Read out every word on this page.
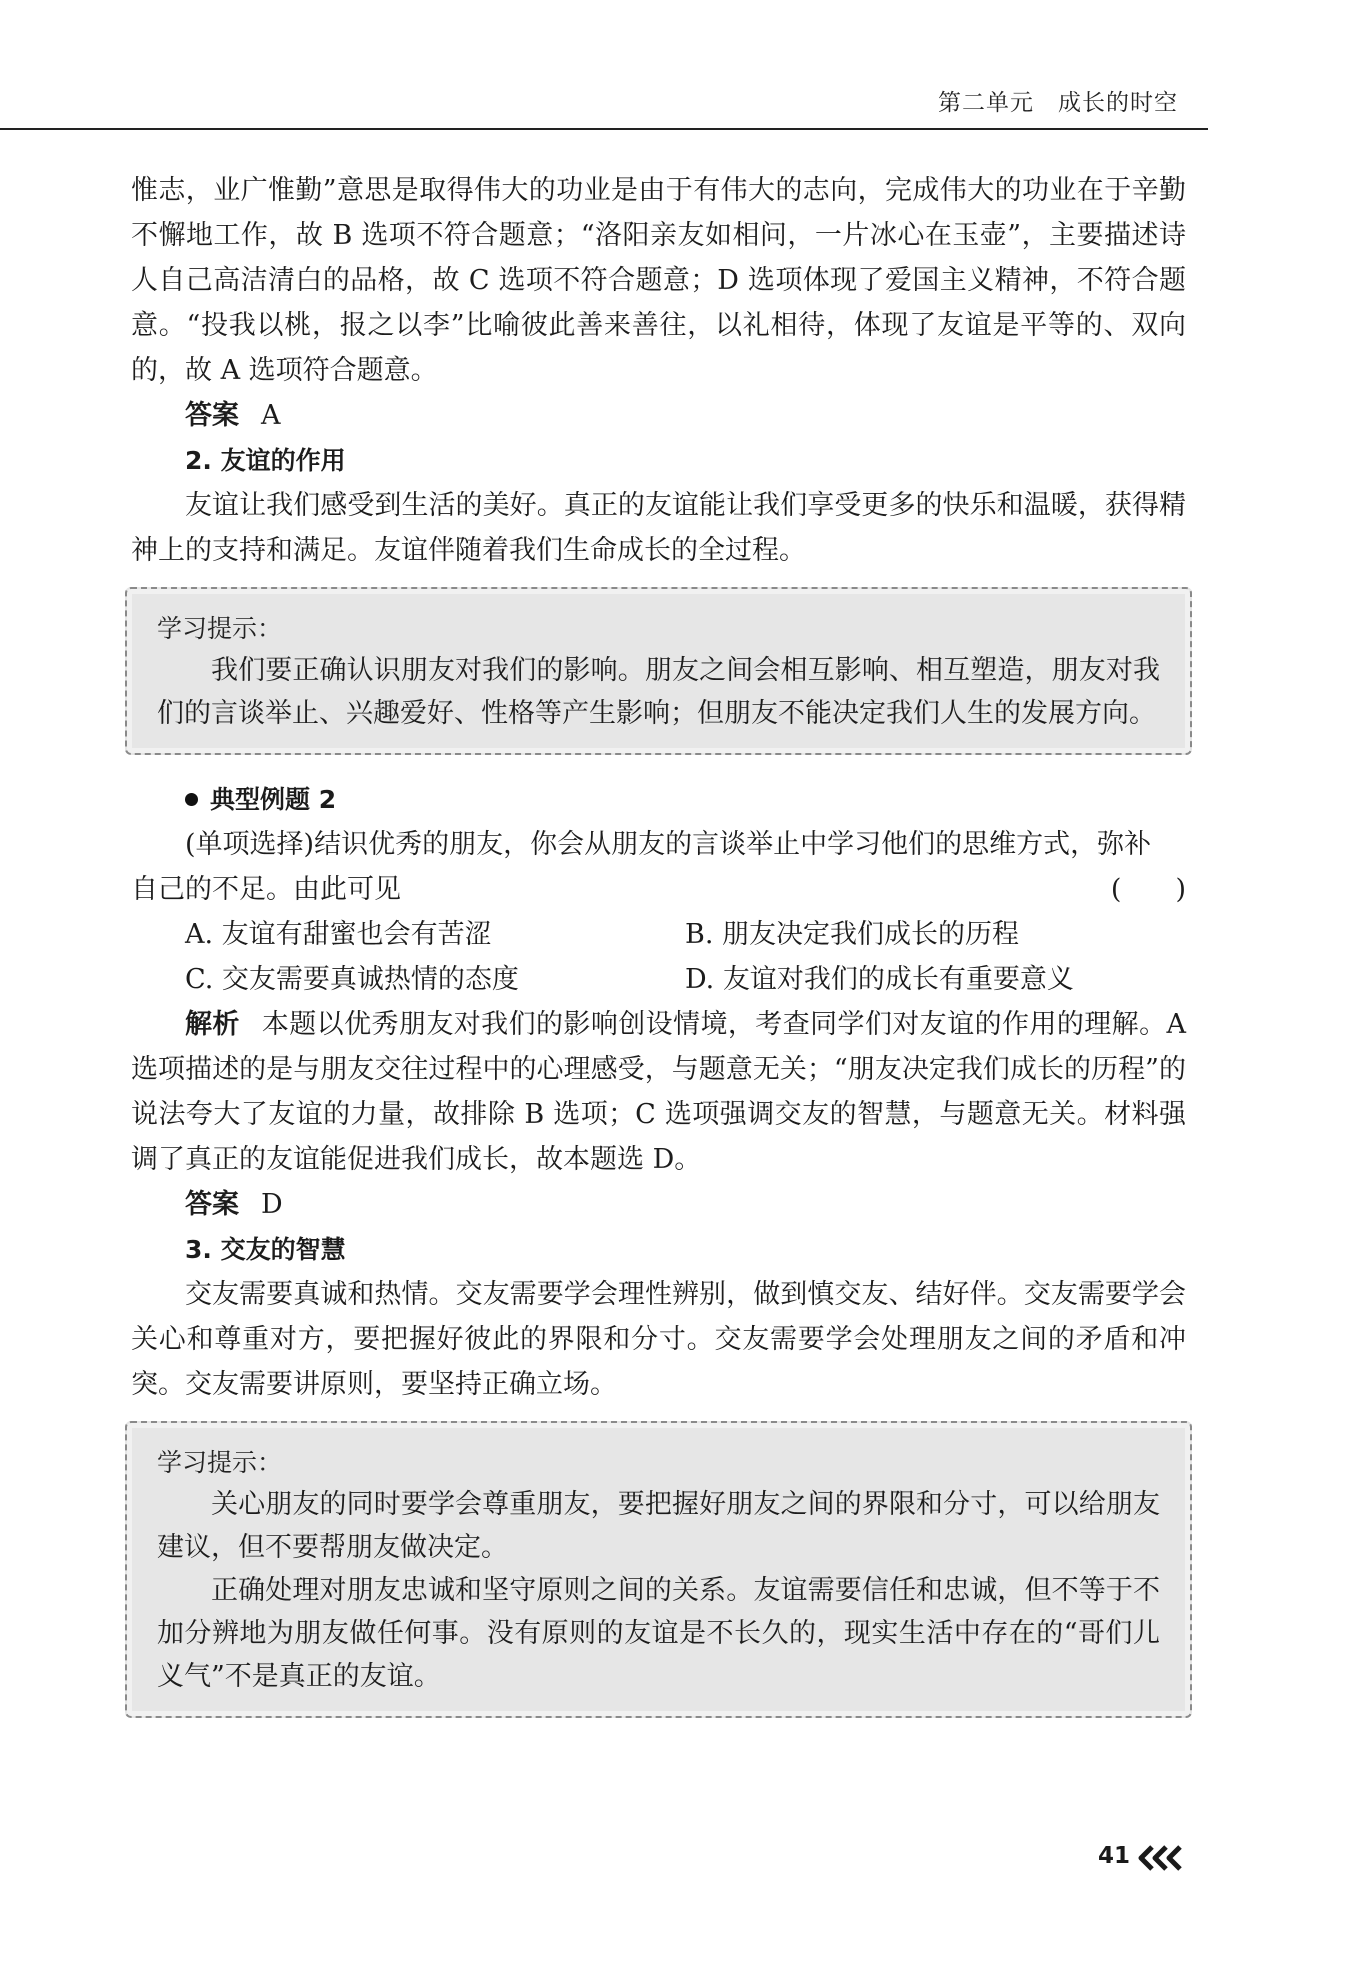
第二单元　成长的时空

惟志，业广惟勤”意思是取得伟大的功业是由于有伟大的志向，完成伟大的功业在于辛勤不懈地工作，故 B 选项不符合题意；“洛阳亲友如相问，一片冰心在玉壶”，主要描述诗人自己高洁清白的品格，故 C 选项不符合题意；D 选项体现了爱国主义精神，不符合题意。“投我以桃，报之以李”比喻彼此善来善往，以礼相待，体现了友谊是平等的、双向的，故 A 选项符合题意。

答案 A
2. 友谊的作用

友谊让我们感受到生活的美好。真正的友谊能让我们享受更多的快乐和温暖，获得精神上的支持和满足。友谊伴随着我们生命成长的全过程。

学习提示：

我们要正确认识朋友对我们的影响。朋友之间会相互影响、相互塑造，朋友对我们的言谈举止、兴趣爱好、性格等产生影响；但朋友不能决定我们人生的发展方向。

典型例题 2

(单项选择)结识优秀的朋友，你会从朋友的言谈举止中学习他们的思维方式，弥补

自己的不足。由此可见	(　　)
A. 友谊有甜蜜也会有苦涩	B. 朋友决定我们成长的历程
C. 交友需要真诚热情的态度	D. 友谊对我们的成长有重要意义

解析 本题以优秀朋友对我们的影响创设情境，考查同学们对友谊的作用的理解。A 选项描述的是与朋友交往过程中的心理感受，与题意无关；“朋友决定我们成长的历程”的说法夸大了友谊的力量，故排除 B 选项；C 选项强调交友的智慧，与题意无关。材料强调了真正的友谊能促进我们成长，故本题选 D。

答案 D
3. 交友的智慧

交友需要真诚和热情。交友需要学会理性辨别，做到慎交友、结好伴。交友需要学会关心和尊重对方，要把握好彼此的界限和分寸。交友需要学会处理朋友之间的矛盾和冲突。交友需要讲原则，要坚持正确立场。

学习提示：

关心朋友的同时要学会尊重朋友，要把握好朋友之间的界限和分寸，可以给朋友建议，但不要帮朋友做决定。

正确处理对朋友忠诚和坚守原则之间的关系。友谊需要信任和忠诚，但不等于不加分辨地为朋友做任何事。没有原则的友谊是不长久的，现实生活中存在的“哥们儿义气”不是真正的友谊。

41
